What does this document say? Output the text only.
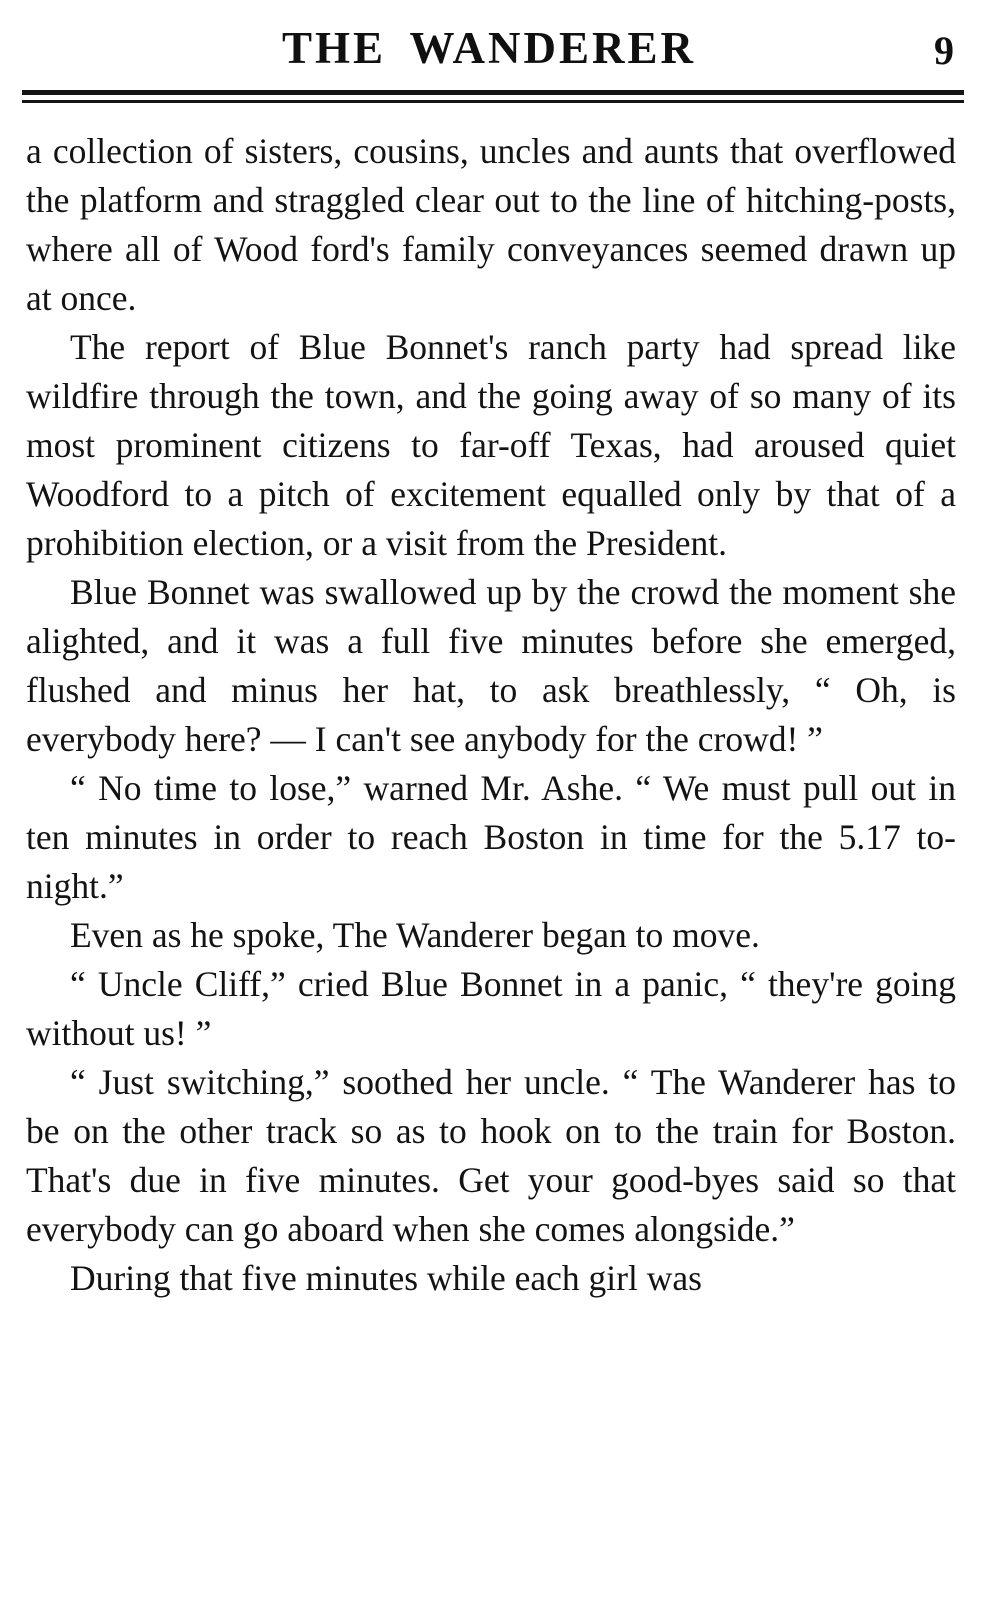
THE WANDERER	9

a collection of sisters, cousins, uncles and aunts that overflowed the platform and straggled clear out to the line of hitching-posts, where all of Wood ford's family conveyances seemed drawn up at once.

The report of Blue Bonnet's ranch party had spread like wildfire through the town, and the going away of so many of its most prominent citizens to far-off Texas, had aroused quiet Woodford to a pitch of excitement equalled only by that of a prohibition election, or a visit from the President.

Blue Bonnet was swallowed up by the crowd the moment she alighted, and it was a full five minutes before she emerged, flushed and minus her hat, to ask breathlessly, “ Oh, is everybody here? — I can't see anybody for the crowd! ”

“ No time to lose,” warned Mr. Ashe. “ We must pull out in ten minutes in order to reach Boston in time for the 5.17 to-night.”

Even as he spoke, The Wanderer began to move.

“ Uncle Cliff,” cried Blue Bonnet in a panic, “ they're going without us! ”

“ Just switching,” soothed her uncle. “ The Wanderer has to be on the other track so as to hook on to the train for Boston. That's due in five minutes. Get your good-byes said so that everybody can go aboard when she comes alongside.”

During that five minutes while each girl was
